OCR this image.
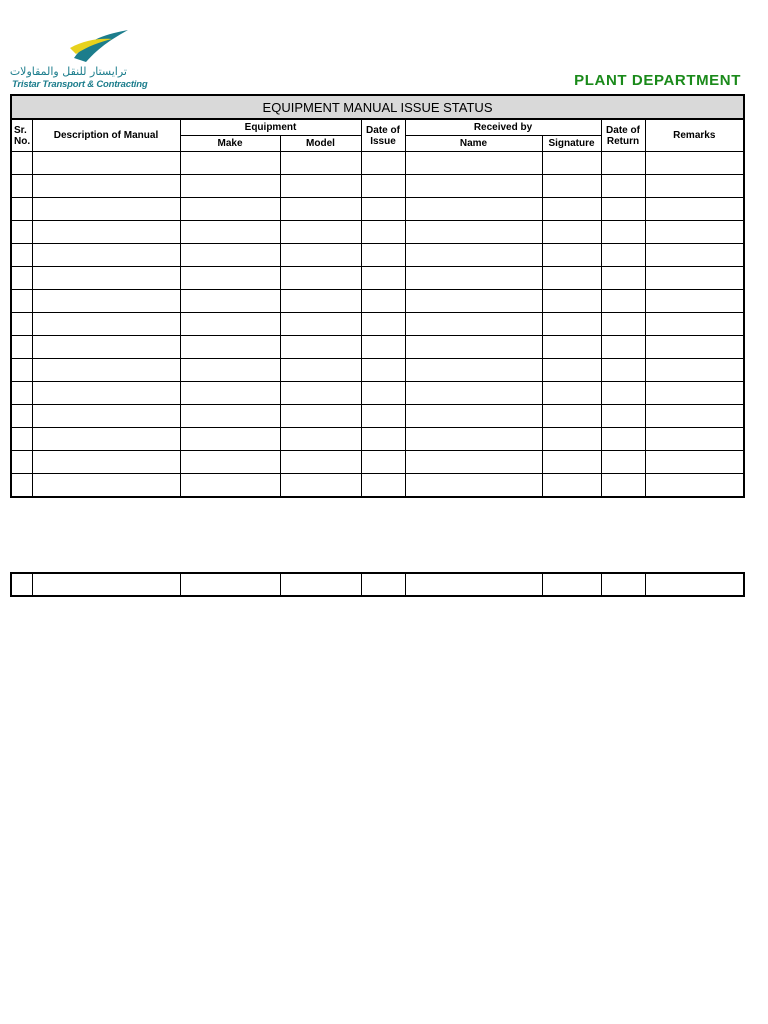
ترايستار للنقل والمقاولات
Tristar Transport & Contracting	PLANT DEPARTMENT
EQUIPMENT MANUAL ISSUE STATUS								
Sr. No.	Description of Manual	Equipment		Date of Issue	Received by		Date of Return	Remarks
		Make	Model		Name	Signature		
